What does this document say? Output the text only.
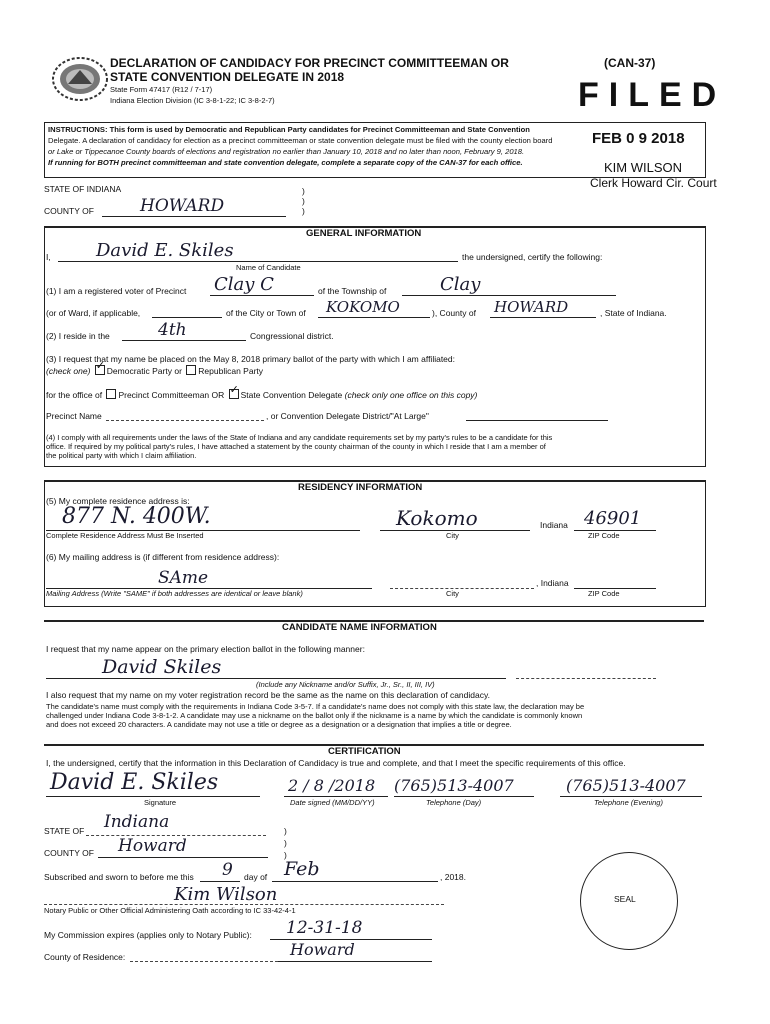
DECLARATION OF CANDIDACY FOR PRECINCT COMMITTEEMAN OR
STATE CONVENTION DELEGATE IN 2018
(CAN-37)
State Form 47417 (R12 / 7-17)
Indiana Election Division (IC 3-8-1-22; IC 3-8-2-7)	FILED
INSTRUCTIONS: This form is used by Democratic and Republican Party candidates for Precinct Committeeman and State Convention
Delegate. A declaration of candidacy for election as a precinct committeeman or state convention delegate must be filed with the county election board
or Lake or Tippecanoe County boards of elections and registration no earlier than January 10, 2018 and no later than noon, February 9, 2018.
If running for BOTH precinct committeeman and state convention delegate, complete a separate copy of the CAN-37 for each office.
FEB 0 9 2018
KIM WILSON
Clerk Howard Cir. Court
STATE OF INDIANA	)
)
)
COUNTY OF	HOWARD
GENERAL INFORMATION
I,	David E. Skiles	the undersigned, certify the following:
Name of Candidate
(1) I am a registered voter of Precinct Clay C	of the Township of	Clay
(or of Ward, if applicable,	of the City or Town of KOKOMO	), County of HOWARD	, State of Indiana.
(2) I reside in the	4th	Congressional district.
(3) I request that my name be placed on the May 8, 2018 primary ballot of the party with which I am affiliated:
(check one) ✓ Democratic Party or Republican Party
for the office of Precinct Committeeman OR ✓ State Convention Delegate (check only one office on this copy)
Precinct Name	, or Convention Delegate District/"At Large"
(4) I comply with all requirements under the laws of the State of Indiana and any candidate requirements set by my party's rules to be a candidate for this
office. If required by my political party's rules, I have attached a statement by the county chairman of the county in which I reside that I am a member of
the political party with which I claim affiliation.
RESIDENCY INFORMATION
(5) My complete residence address is:
877 N. 400W.	Kokomo	Indiana 46901
Complete Residence Address Must Be Inserted	City	ZIP Code
(6) My mailing address is (if different from residence address):
SAme	, Indiana
Mailing Address (Write "SAME" if both addresses are identical or leave blank)	City	ZIP Code
CANDIDATE NAME INFORMATION
I request that my name appear on the primary election ballot in the following manner:
David Skiles
(Include any Nickname and/or Suffix, Jr., Sr., II, III, IV)
I also request that my name on my voter registration record be the same as the name on this declaration of candidacy.
The candidate's name must comply with the requirements in Indiana Code 3-5-7. If a candidate's name does not comply with this state law, the declaration may be
challenged under Indiana Code 3-8-1-2. A candidate may use a nickname on the ballot only if the nickname is a name by which the candidate is commonly known
and does not exceed 20 characters. A candidate may not use a title or degree as a designation or a designation that implies a title or degree.
CERTIFICATION
I, the undersigned, certify that the information in this Declaration of Candidacy is true and complete, and that I meet the specific requirements of this office.
David E. Skiles	2 / 8 /2018 (765)513-4007	(765)513-4007
Signature	Date signed (MM/DD/YY)	Telephone (Day)	Telephone (Evening)
STATE OF Indiana	)
)
)
COUNTY OF Howard
Subscribed and sworn to before me this 9 day of Feb	, 2018.
Kim Wilson
Notary Public or Other Official Administering Oath according to IC 33-42-4-1
My Commission expires (applies only to Notary Public): 12-31-18
County of Residence:	Howard
SEAL
